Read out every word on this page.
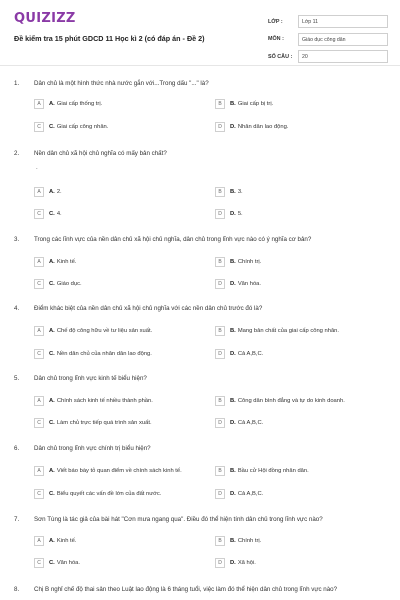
QUIZIZZ
Đề kiểm tra 15 phút GDCD 11 Học kì 2 (có đáp án - Đề 2)
LỚP :	Lớp 11
MÔN :	Giáo dục công dân
SỐ CÂU :	20
1. Dân chủ là một hình thức nhà nước gắn với...Trong dấu "..." là?
A	A. Giai cấp thống trị.	B	B. Giai cấp bị trị.
C	C. Giai cấp công nhân.	D	D. Nhân dân lao động.
2. Nền dân chủ xã hội chủ nghĩa có mấy bản chất?
.
A	A. 2.	B	B. 3.
C	C. 4.	D	D. 5.
3. Trong các lĩnh vực của nền dân chủ xã hội chủ nghĩa, dân chủ trong lĩnh vực nào có ý nghĩa cơ bản?
A	A. Kinh tế.	B	B. Chính trị.
C	C. Giáo dục.	D	D. Văn hóa.
4. Điểm khác biệt của nền dân chủ xã hội chủ nghĩa với các nền dân chủ trước đó là?
A	A. Chế độ công hữu về tư liệu sản xuất.	B	B. Mang bản chất của giai cấp công nhân.
C	C. Nền dân chủ của nhân dân lao động.	D	D. Cả A,B,C.
5. Dân chủ trong lĩnh vực kinh tế biểu hiện?
A	A. Chính sách kinh tế nhiều thành phần.	B	B. Công dân bình đẳng và tự do kinh doanh.
C	C. Làm chủ trực tiếp quá trình sản xuất.	D	D. Cả A,B,C.
6. Dân chủ trong lĩnh vực chính trị biểu hiện?
A	A. Viết báo bày tỏ quan điểm về chính sách kinh tế.	B	B. Bầu cử Hội đồng nhân dân.
C	C. Biểu quyết các vấn đề lớn của đất nước.	D	D. Cả A,B,C.
7. Sơn Tùng là tác giả của bài hát "Cơn mưa ngang qua". Điều đó thể hiện tính dân chủ trong lĩnh vực nào?
A	A. Kinh tế.	B	B. Chính trị.
C	C. Văn hóa.	D	D. Xã hội.
8. Chị B nghỉ chế độ thai sản theo Luật lao động là 6 tháng tuổi, việc làm đó thể hiện dân chủ trong lĩnh vực nào?
